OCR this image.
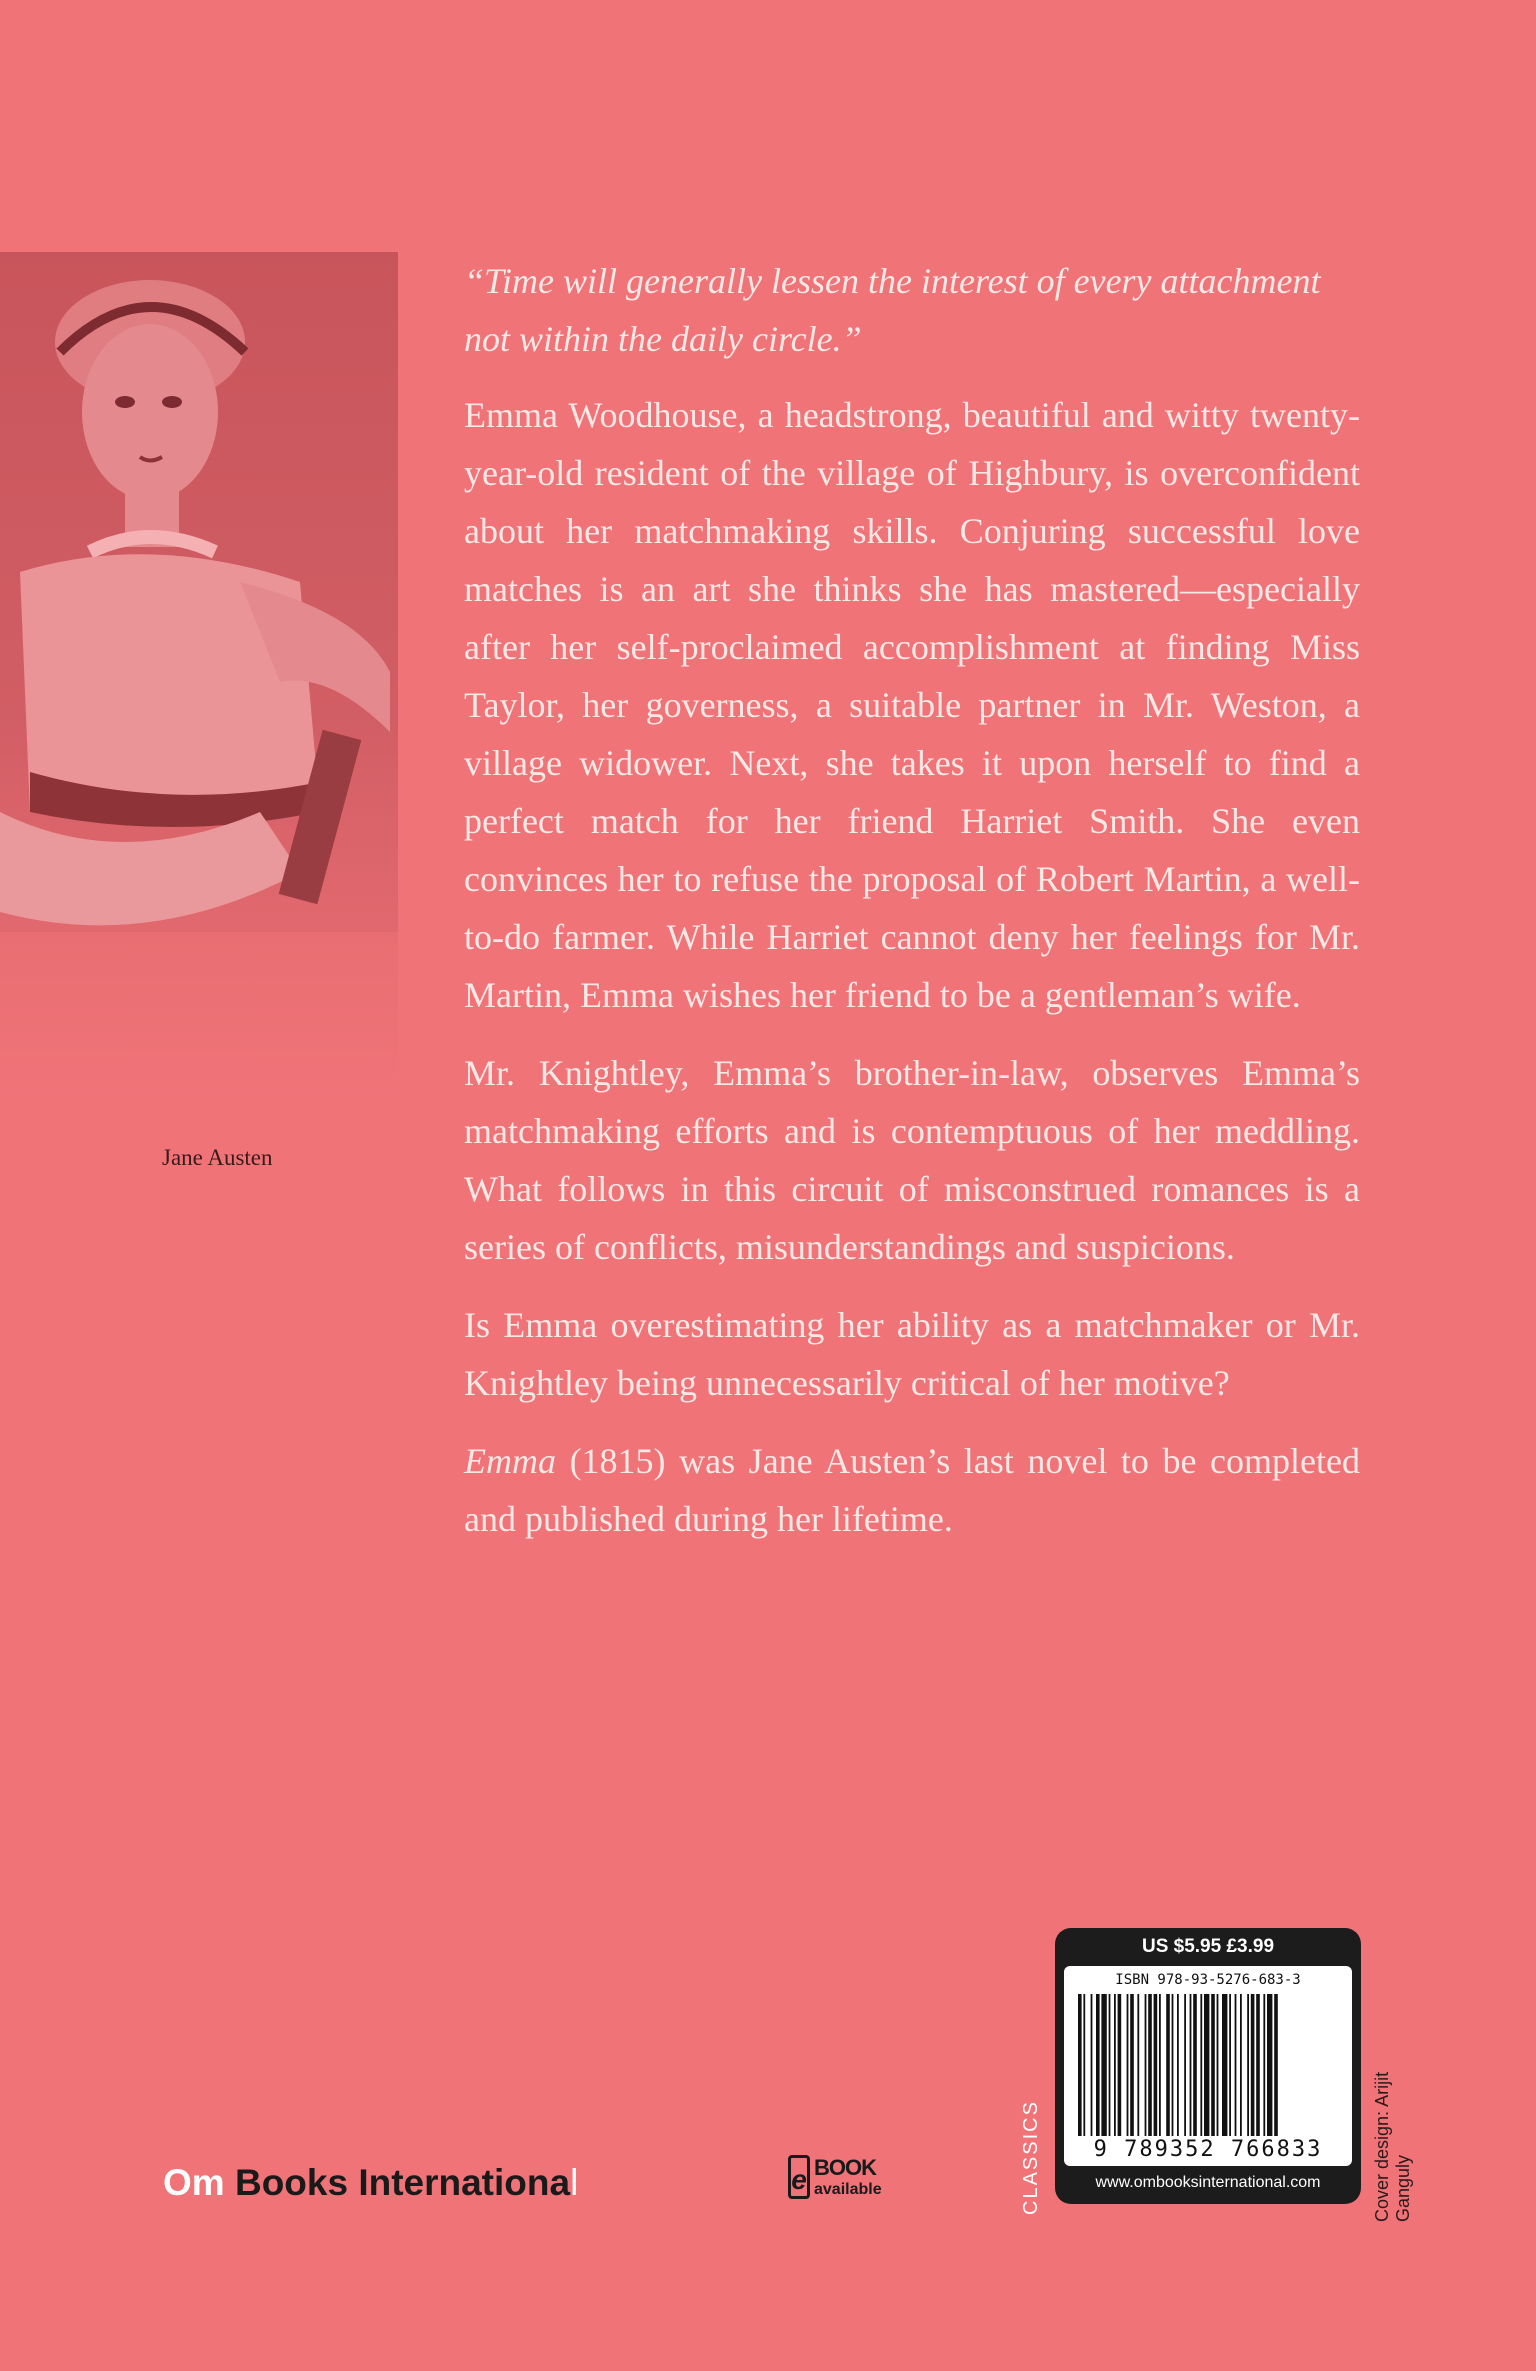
Jane Austen

“Time will generally lessen the interest of every attachment not within the daily circle.”

Emma Woodhouse, a headstrong, beautiful and witty twenty-year-old resident of the village of Highbury, is overconfident about her matchmaking skills. Conjuring successful love matches is an art she thinks she has mastered—especially after her self-proclaimed accomplishment at finding Miss Taylor, her governess, a suitable partner in Mr. Weston, a village widower. Next, she takes it upon herself to find a perfect match for her friend Harriet Smith. She even convinces her to refuse the proposal of Robert Martin, a well-to-do farmer. While Harriet cannot deny her feelings for Mr. Martin, Emma wishes her friend to be a gentleman’s wife.

Mr. Knightley, Emma’s brother-in-law, observes Emma’s matchmaking efforts and is contemptuous of her meddling. What follows in this circuit of misconstrued romances is a series of conflicts, misunderstandings and suspicions.

Is Emma overestimating her ability as a matchmaker or Mr. Knightley being unnecessarily critical of her motive?

Emma (1815) was Jane Austen’s last novel to be completed and published during her lifetime.

Om Books International	e BOOK
available	CLASSICS	Cover design: Arijit Ganguly
US $5.95 £3.99
ISBN 978-93-5276-683-3
9 789352 766833
www.ombooksinternational.com
